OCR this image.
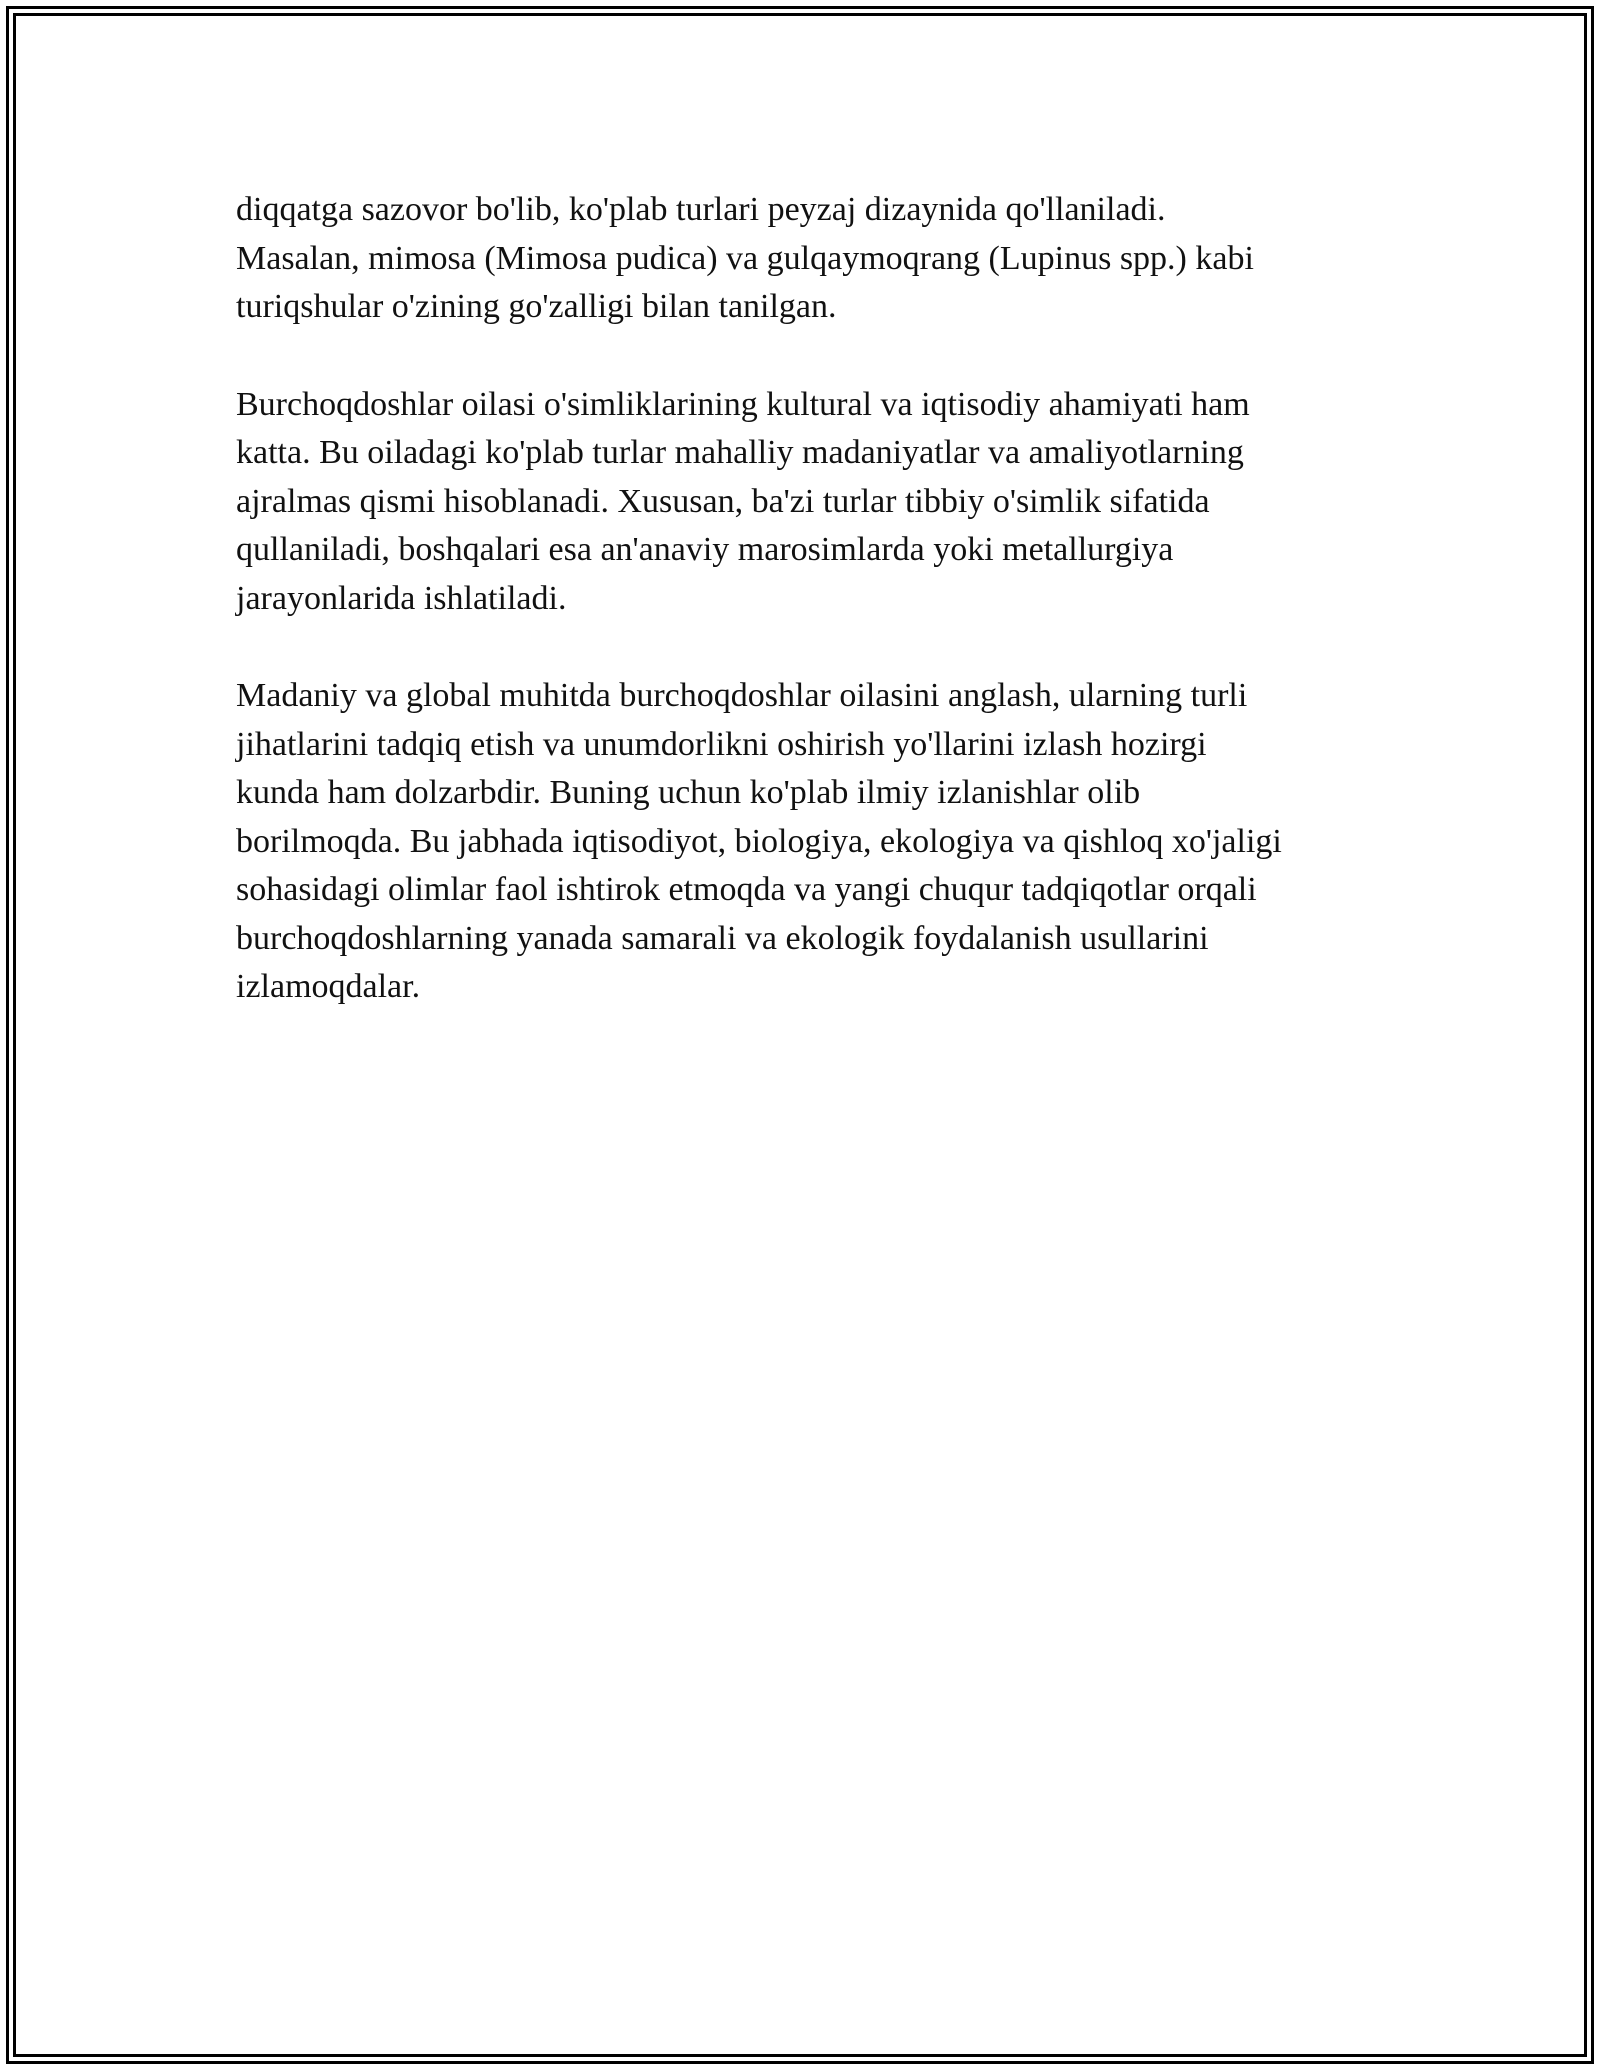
diqqatga sazovor bo'lib, ko'plab turlari peyzaj dizaynida qo'llaniladi.
Masalan, mimosa (Mimosa pudica) va gulqaymoqrang (Lupinus spp.) kabi
turiqshular o'zining go'zalligi bilan tanilgan.

Burchoqdoshlar oilasi o'simliklarining kultural va iqtisodiy ahamiyati ham
katta. Bu oiladagi ko'plab turlar mahalliy madaniyatlar va amaliyotlarning
ajralmas qismi hisoblanadi. Xususan, ba'zi turlar tibbiy o'simlik sifatida
qullaniladi, boshqalari esa an'anaviy marosimlarda yoki metallurgiya
jarayonlarida ishlatiladi.

Madaniy va global muhitda burchoqdoshlar oilasini anglash, ularning turli
jihatlarini tadqiq etish va unumdorlikni oshirish yo'llarini izlash hozirgi
kunda ham dolzarbdir. Buning uchun ko'plab ilmiy izlanishlar olib
borilmoqda. Bu jabhada iqtisodiyot, biologiya, ekologiya va qishloq xo'jaligi
sohasidagi olimlar faol ishtirok etmoqda va yangi chuqur tadqiqotlar orqali
burchoqdoshlarning yanada samarali va ekologik foydalanish usullarini
izlamoqdalar.
